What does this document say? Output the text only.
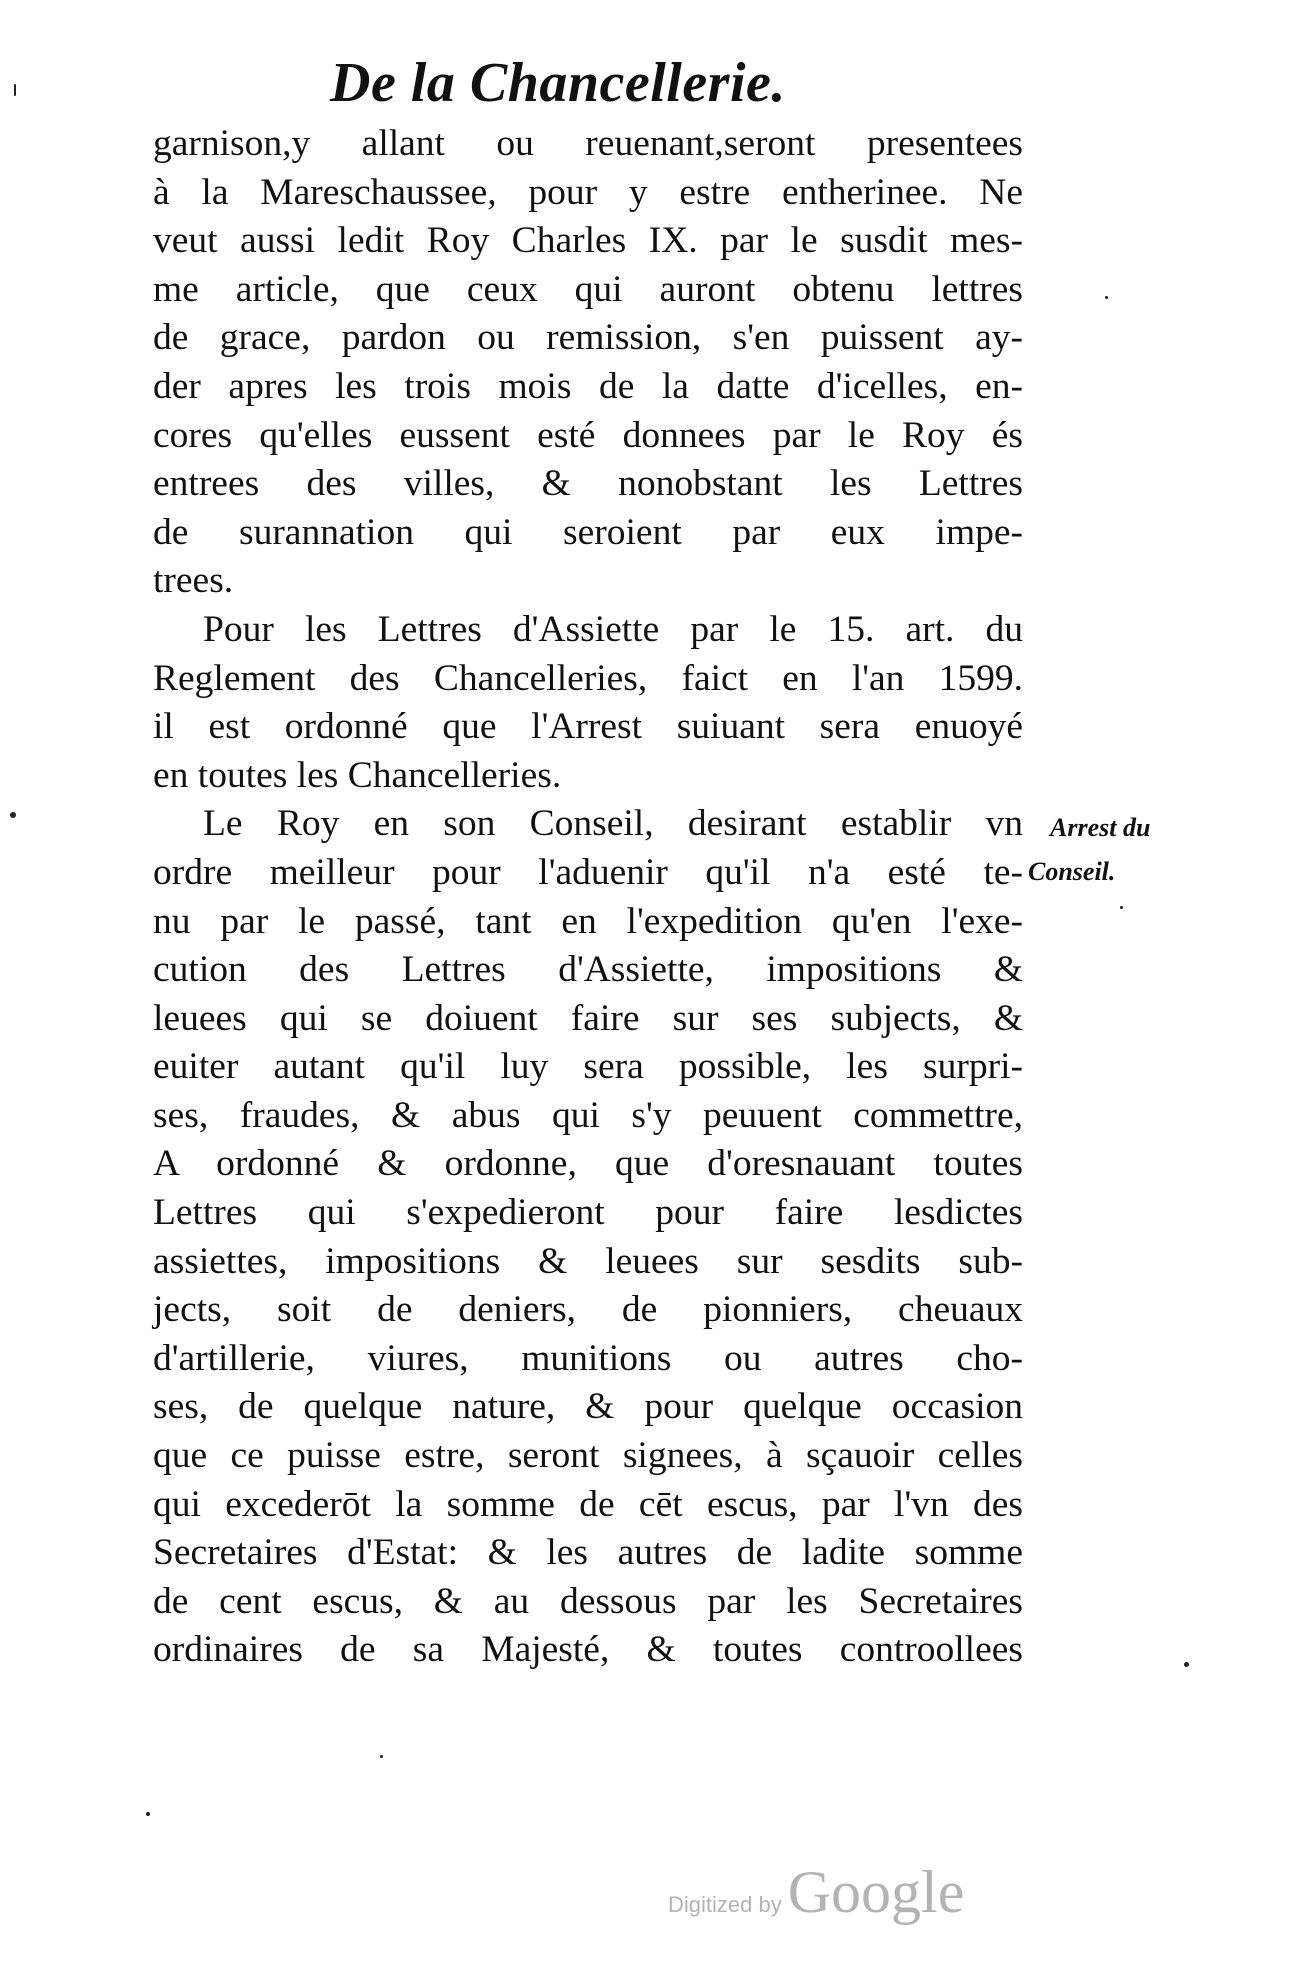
De la Chancellerie.
garnison,y allant ou reuenant,seront presentees
à la Mareschaussee, pour y estre entherinee. Ne
veut aussi ledit Roy Charles IX. par le susdit mes-
me article, que ceux qui auront obtenu lettres
de grace, pardon ou remission, s'en puissent ay-
der apres les trois mois de la datte d'icelles, en-
cores qu'elles eussent esté donnees par le Roy és
entrees des villes, & nonobstant les Lettres
de surannation qui seroient par eux impe-
trees.
Pour les Lettres d'Assiette par le 15. art. du
Reglement des Chancelleries, faict en l'an 1599.
il est ordonné que l'Arrest suiuant sera enuoyé
en toutes les Chancelleries.
Le Roy en son Conseil, desirant establir vn
ordre meilleur pour l'aduenir qu'il n'a esté te-
nu par le passé, tant en l'expedition qu'en l'exe-
cution des Lettres d'Assiette, impositions &
leuees qui se doiuent faire sur ses subjects, &
euiter autant qu'il luy sera possible, les surpri-
ses, fraudes, & abus qui s'y peuuent commettre,
A ordonné & ordonne, que d'oresnauant toutes
Lettres qui s'expedieront pour faire lesdictes
assiettes, impositions & leuees sur sesdits sub-
jects, soit de deniers, de pionniers, cheuaux
d'artillerie, viures, munitions ou autres cho-
ses, de quelque nature, & pour quelque occasion
que ce puisse estre, seront signees, à sçauoir celles
qui excederōt la somme de cēt escus, par l'vn des
Secretaires d'Estat: & les autres de ladite somme
de cent escus, & au dessous par les Secretaires
ordinaires de sa Majesté, & toutes controollees
Arrest du
Conseil.
Digitized by Google
